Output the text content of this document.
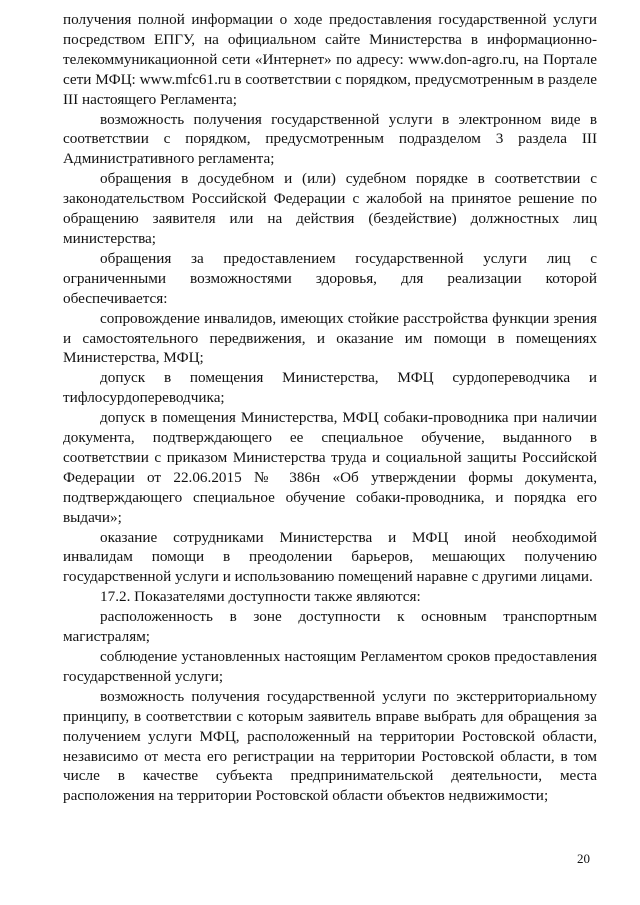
получения полной информации о ходе предоставления государственной услуги посредством ЕПГУ, на официальном сайте Министерства в информационно-телекоммуникационной сети «Интернет» по адресу: www.don-agro.ru, на Портале сети МФЦ: www.mfc61.ru в соответствии с порядком, предусмотренным в разделе III настоящего Регламента;

возможность получения государственной услуги в электронном виде в соответствии с порядком, предусмотренным подразделом 3 раздела III Административного регламента;

обращения в досудебном и (или) судебном порядке в соответствии с законодательством Российской Федерации с жалобой на принятое решение по обращению заявителя или на действия (бездействие) должностных лиц министерства;

обращения за предоставлением государственной услуги лиц с ограниченными возможностями здоровья, для реализации которой обеспечивается:

сопровождение инвалидов, имеющих стойкие расстройства функции зрения и самостоятельного передвижения, и оказание им помощи в помещениях Министерства, МФЦ;

допуск в помещения Министерства, МФЦ сурдопереводчика и тифлосурдопереводчика;

допуск в помещения Министерства, МФЦ собаки-проводника при наличии документа, подтверждающего ее специальное обучение, выданного в соответствии с приказом Министерства труда и социальной защиты Российской Федерации от 22.06.2015 № 386н «Об утверждении формы документа, подтверждающего специальное обучение собаки-проводника, и порядка его выдачи»;

оказание сотрудниками Министерства и МФЦ иной необходимой инвалидам помощи в преодолении барьеров, мешающих получению государственной услуги и использованию помещений наравне с другими лицами.

17.2. Показателями доступности также являются:

расположенность в зоне доступности к основным транспортным магистралям;

соблюдение установленных настоящим Регламентом сроков предоставления государственной услуги;

возможность получения государственной услуги по экстерриториальному принципу, в соответствии с которым заявитель вправе выбрать для обращения за получением услуги МФЦ, расположенный на территории Ростовской области, независимо от места его регистрации на территории Ростовской области, в том числе в качестве субъекта предпринимательской деятельности, места расположения на территории Ростовской области объектов недвижимости;

20
